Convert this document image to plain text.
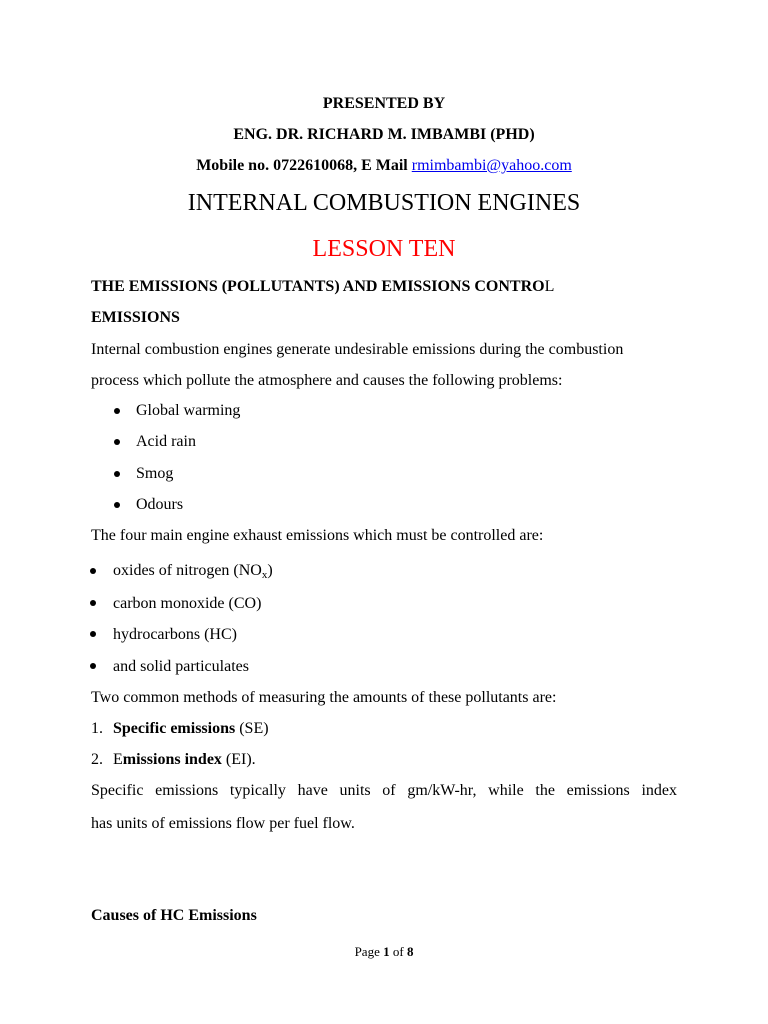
PRESENTED BY
ENG. DR. RICHARD M. IMBAMBI (PHD)
Mobile no. 0722610068, E Mail rmimbambi@yahoo.com
INTERNAL COMBUSTION ENGINES
LESSON TEN
THE EMISSIONS (POLLUTANTS) AND EMISSIONS CONTROL
EMISSIONS
Internal combustion engines generate undesirable emissions during the combustion
process which pollute the atmosphere and causes the following problems:
Global warming
Acid rain
Smog
Odours
The four main engine exhaust emissions which must be controlled are:
oxides of nitrogen $(NO_x)$
carbon monoxide (CO)
hydrocarbons (HC)
and solid particulates
Two common methods of measuring the amounts of these pollutants are:
1. Specific emissions (SE)
2. Emissions index (EI).
Specific emissions typically have units of gm/kW-hr, while the emissions index
has units of emissions flow per fuel flow.
Causes of HC Emissions
Page 1 of 8
